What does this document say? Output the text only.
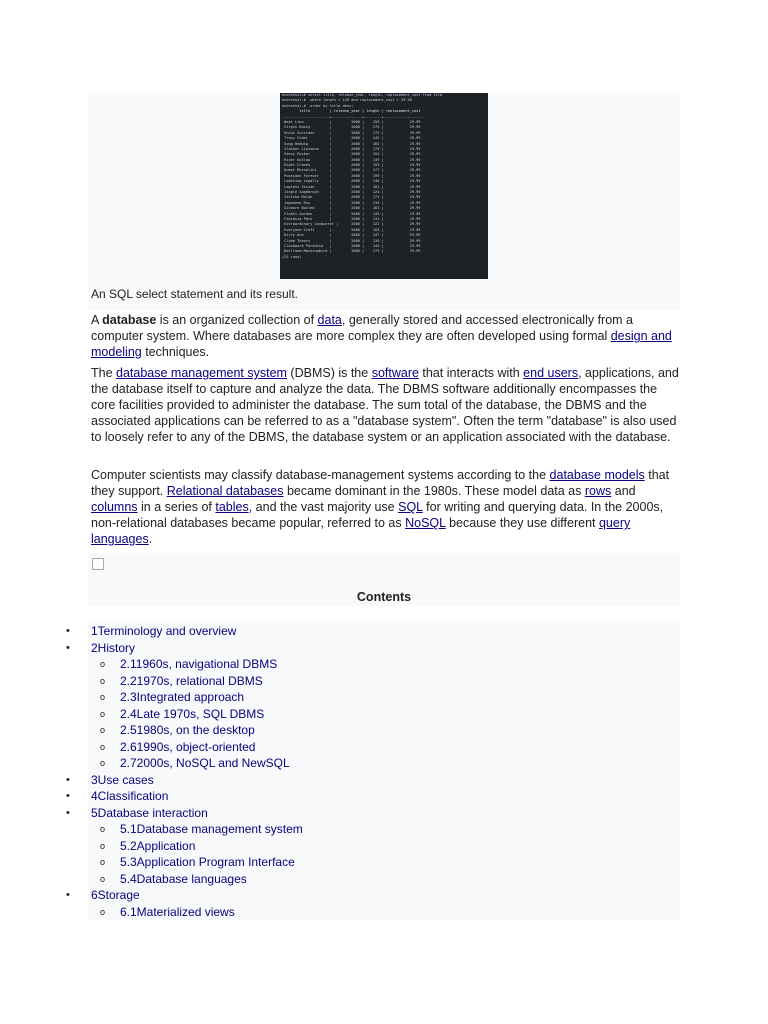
dvdrental=# select title, release_year, length, replacement_cost from film
dvdrental-#  where length > 120 and replacement_cost > 29.50
dvdrental-#  order by title desc;
title         | release_year | length | replacement_cost
----------------------+--------------+--------+------------------
West Lion            |         2006 |    159 |            29.99
Virgin Daisy         |         2006 |    179 |            29.99
Uncut Suicides       |         2006 |    172 |            29.99
Tracy Cider          |         2006 |    142 |            29.99
Song Hedwig          |         2006 |    165 |            29.99
Slacker Liaisons     |         2006 |    179 |            29.99
Sassy Packer         |         2006 |    154 |            29.99
River Outlaw         |         2006 |    149 |            29.99
Right Cranes         |         2006 |    153 |            29.99
Quest Mussolini      |         2006 |    177 |            29.99
Poseidon Forever     |         2006 |    159 |            29.99
Loathing Legally     |         2006 |    140 |            29.99
Lawless Vision       |         2006 |    181 |            29.99
Jingle Sagebrush     |         2006 |    124 |            29.99
Jericho Mulan        |         2006 |    171 |            29.99
Japanese Run         |         2006 |    135 |            29.99
Gilmore Boiled       |         2006 |    163 |            29.99
Floats Garden        |         2006 |    145 |            29.99
Fantasia Park        |         2006 |    131 |            29.99
Extraordinary Conquerer |      2006 |    122 |            29.99
Everyone Craft       |         2006 |    163 |            29.99
Dirty Ace            |         2006 |    147 |            29.99
Clyde Theory         |         2006 |    139 |            29.99
Clockwork Paradise   |         2006 |    143 |            29.99
Ballroom Mockingbird |         2006 |    173 |            29.99
(25 rows)
An SQL select statement and its result.

A database is an organized collection of data, generally stored and accessed electronically from a computer system. Where databases are more complex they are often developed using formal design and modeling techniques.

The database management system (DBMS) is the software that interacts with end users, applications, and the database itself to capture and analyze the data. The DBMS software additionally encompasses the core facilities provided to administer the database. The sum total of the database, the DBMS and the associated applications can be referred to as a "database system". Often the term "database" is also used to loosely refer to any of the DBMS, the database system or an application associated with the database.

Computer scientists may classify database-management systems according to the database models that they support. Relational databases became dominant in the 1980s. These model data as rows and columns in a series of tables, and the vast majority use SQL for writing and querying data. In the 2000s, non-relational databases became popular, referred to as NoSQL because they use different query languages.

Contents
• 1Terminology and overview
• 2History
o 2.11960s, navigational DBMS
o 2.21970s, relational DBMS
o 2.3Integrated approach
o 2.4Late 1970s, SQL DBMS
o 2.51980s, on the desktop
o 2.61990s, object-oriented
o 2.72000s, NoSQL and NewSQL
• 3Use cases
• 4Classification
• 5Database interaction
o 5.1Database management system
o 5.2Application
o 5.3Application Program Interface
o 5.4Database languages
• 6Storage
o 6.1Materialized views
